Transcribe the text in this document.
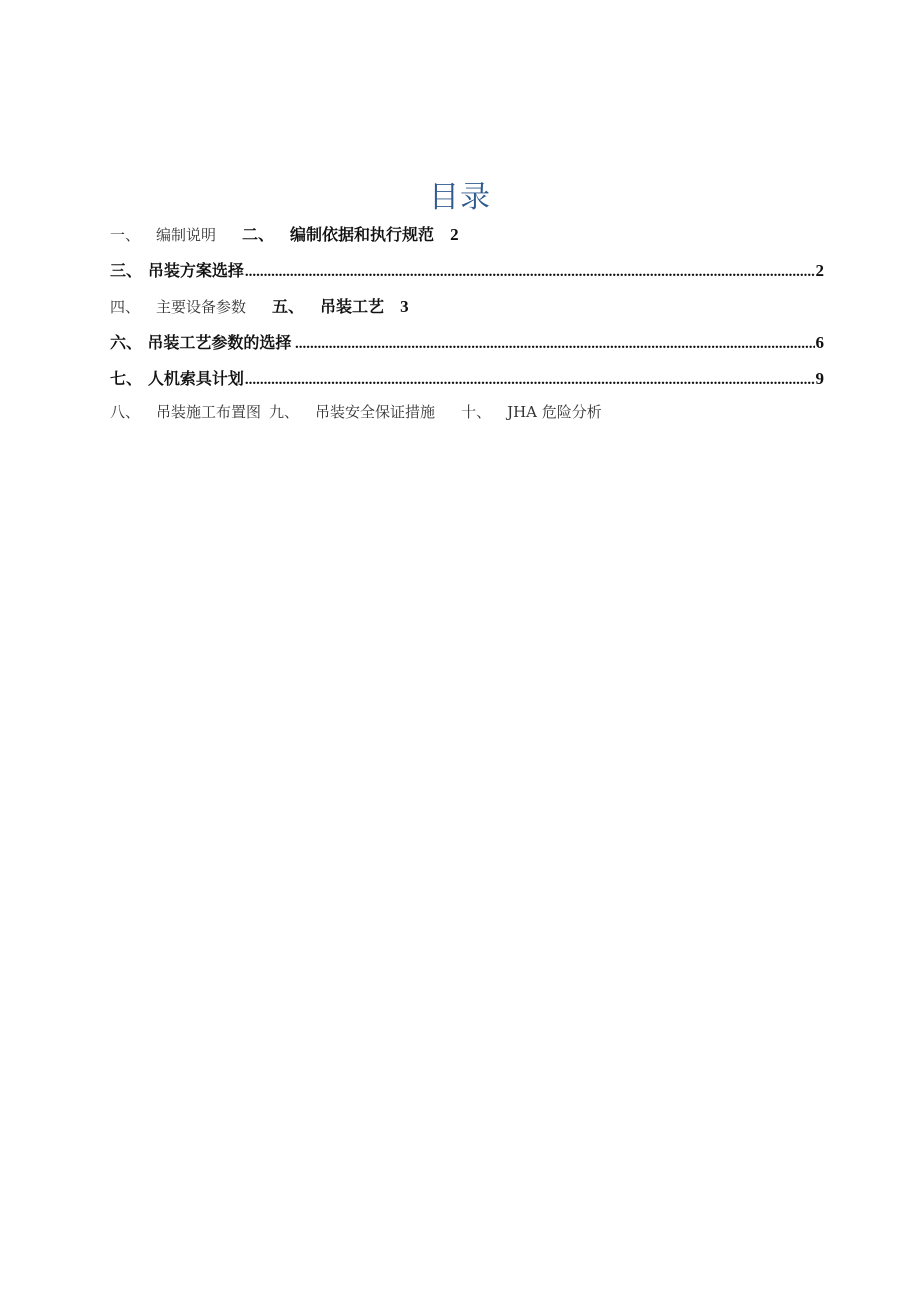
目录
一、 编制说明 二、 编制依据和执行规范 2
三、 吊装方案选择 .....	2
四、 主要设备参数 五、 吊装工艺 3
六、 吊装工艺参数的选择 .....	6
七、 人机索具计划 .....	9
八、 吊装施工布置图 九、 吊装安全保证措施 十、 JHA 危险分析
